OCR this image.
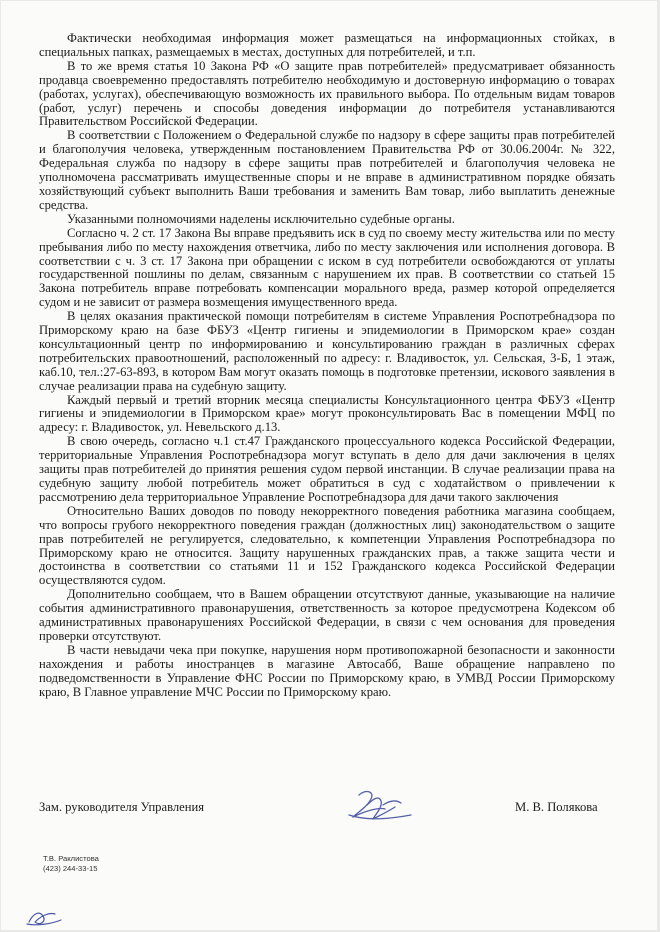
Фактически необходимая информация может размещаться на информационных стойках, в специальных папках, размещаемых в местах, доступных для потребителей, и т.п.

В то же время статья 10 Закона РФ «О защите прав потребителей» предусматривает обязанность продавца своевременно предоставлять потребителю необходимую и достоверную информацию о товарах (работах, услугах), обеспечивающую возможность их правильного выбора. По отдельным видам товаров (работ, услуг) перечень и способы доведения информации до потребителя устанавливаются Правительством Российской Федерации.

В соответствии с Положением о Федеральной службе по надзору в сфере защиты прав потребителей и благополучия человека, утвержденным постановлением Правительства РФ от 30.06.2004г. № 322, Федеральная служба по надзору в сфере защиты прав потребителей и благополучия человека не уполномочена рассматривать имущественные споры и не вправе в административном порядке обязать хозяйствующий субъект выполнить Ваши требования и заменить Вам товар, либо выплатить денежные средства.

Указанными полномочиями наделены исключительно судебные органы.

Согласно ч. 2 ст. 17 Закона Вы вправе предъявить иск в суд по своему месту жительства или по месту пребывания либо по месту нахождения ответчика, либо по месту заключения или исполнения договора. В соответствии с ч. 3 ст. 17 Закона при обращении с иском в суд потребители освобождаются от уплаты государственной пошлины по делам, связанным с нарушением их прав. В соответствии со статьей 15 Закона потребитель вправе потребовать компенсации морального вреда, размер которой определяется судом и не зависит от размера возмещения имущественного вреда.

В целях оказания практической помощи потребителям в системе Управления Роспотребнадзора по Приморскому краю на базе ФБУЗ «Центр гигиены и эпидемиологии в Приморском крае» создан консультационный центр по информированию и консультированию граждан в различных сферах потребительских правоотношений, расположенный по адресу: г. Владивосток, ул. Сельская, 3-Б, 1 этаж, каб.10, тел.:27-63-893, в котором Вам могут оказать помощь в подготовке претензии, искового заявления в случае реализации права на судебную защиту.

Каждый первый и третий вторник месяца специалисты Консультационного центра ФБУЗ «Центр гигиены и эпидемиологии в Приморском крае» могут проконсультировать Вас в помещении МФЦ по адресу: г. Владивосток, ул. Невельского д.13.

В свою очередь, согласно ч.1 ст.47 Гражданского процессуального кодекса Российской Федерации, территориальные Управления Роспотребнадзора могут вступать в дело для дачи заключения в целях защиты прав потребителей до принятия решения судом первой инстанции. В случае реализации права на судебную защиту любой потребитель может обратиться в суд с ходатайством о привлечении к рассмотрению дела территориальное Управление Роспотребнадзора для дачи такого заключения

Относительно Ваших доводов по поводу некорректного поведения работника магазина сообщаем, что вопросы грубого некорректного поведения граждан (должностных лиц) законодательством о защите прав потребителей не регулируется, следовательно, к компетенции Управления Роспотребнадзора по Приморскому краю не относится. Защиту нарушенных гражданских прав, а также защита чести и достоинства в соответствии со статьями 11 и 152 Гражданского кодекса Российской Федерации осуществляются судом.

Дополнительно сообщаем, что в Вашем обращении отсутствуют данные, указывающие на наличие события административного правонарушения, ответственность за которое предусмотрена Кодексом об административных правонарушениях Российской Федерации, в связи с чем основания для проведения проверки отсутствуют.

В части невыдачи чека при покупке, нарушения норм противопожарной безопасности и законности нахождения и работы иностранцев в магазине Автосабб, Ваше обращение направлено по подведомственности в Управление ФНС России по Приморскому краю, в УМВД России Приморскому краю, В Главное управление МЧС России по Приморскому краю.

Зам. руководителя Управления	М. В. Полякова
Т.В. Раклистова
(423) 244-33-15
